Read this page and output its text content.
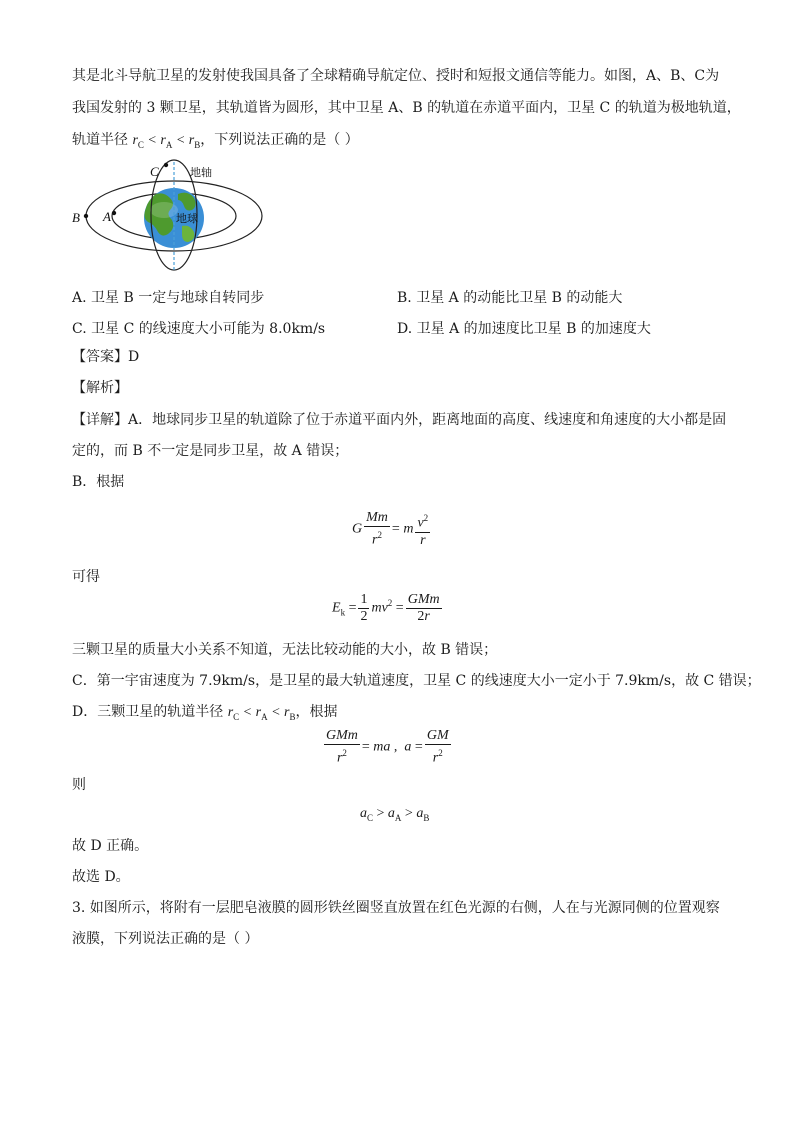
其是北斗导航卫星的发射使我国具备了全球精确导航定位、授时和短报文通信等能力。如图，A、B、C为
我国发射的 3 颗卫星，其轨道皆为圆形，其中卫星 A、B 的轨道在赤道平面内，卫星 C 的轨道为极地轨道，
轨道半径 $r_C < r_A < r_B$，下列说法正确的是（ ）
C
B A
地轴
地球
A. 卫星 B 一定与地球自转同步	B. 卫星 A 的动能比卫星 B 的动能大
C. 卫星 C 的线速度大小可能为 8.0km/s	D. 卫星 A 的加速度比卫星 B 的加速度大
【答案】D
【解析】
【详解】A．地球同步卫星的轨道除了位于赤道平面内外，距离地面的高度、线速度和角速度的大小都是固
定的，而 B 不一定是同步卫星，故 A 错误；
B．根据
G $\frac{Mm}{r^2} = m \frac{v^2}{r}$
可得
$E_k = \frac{1}{2} mv^2 = \frac{\text{GMm}}{2r}$
三颗卫星的质量大小关系不知道，无法比较动能的大小，故 B 错误；
C．第一宇宙速度为 7.9km/s，是卫星的最大轨道速度，卫星 C 的线速度大小一定小于 7.9km/s，故 C 错误；
D．三颗卫星的轨道半径 $r_C < r_A < r_B$，根据
$\frac{\text{GMm}}{r^2}$ = ma ,  $a = \frac{GM}{r^2}$
则
$a_C > a_A > a_B$
故 D 正确。
故选 D。
3. 如图所示，将附有一层肥皂液膜的圆形铁丝圈竖直放置在红色光源的右侧，人在与光源同侧的位置观察
液膜，下列说法正确的是（ ）
